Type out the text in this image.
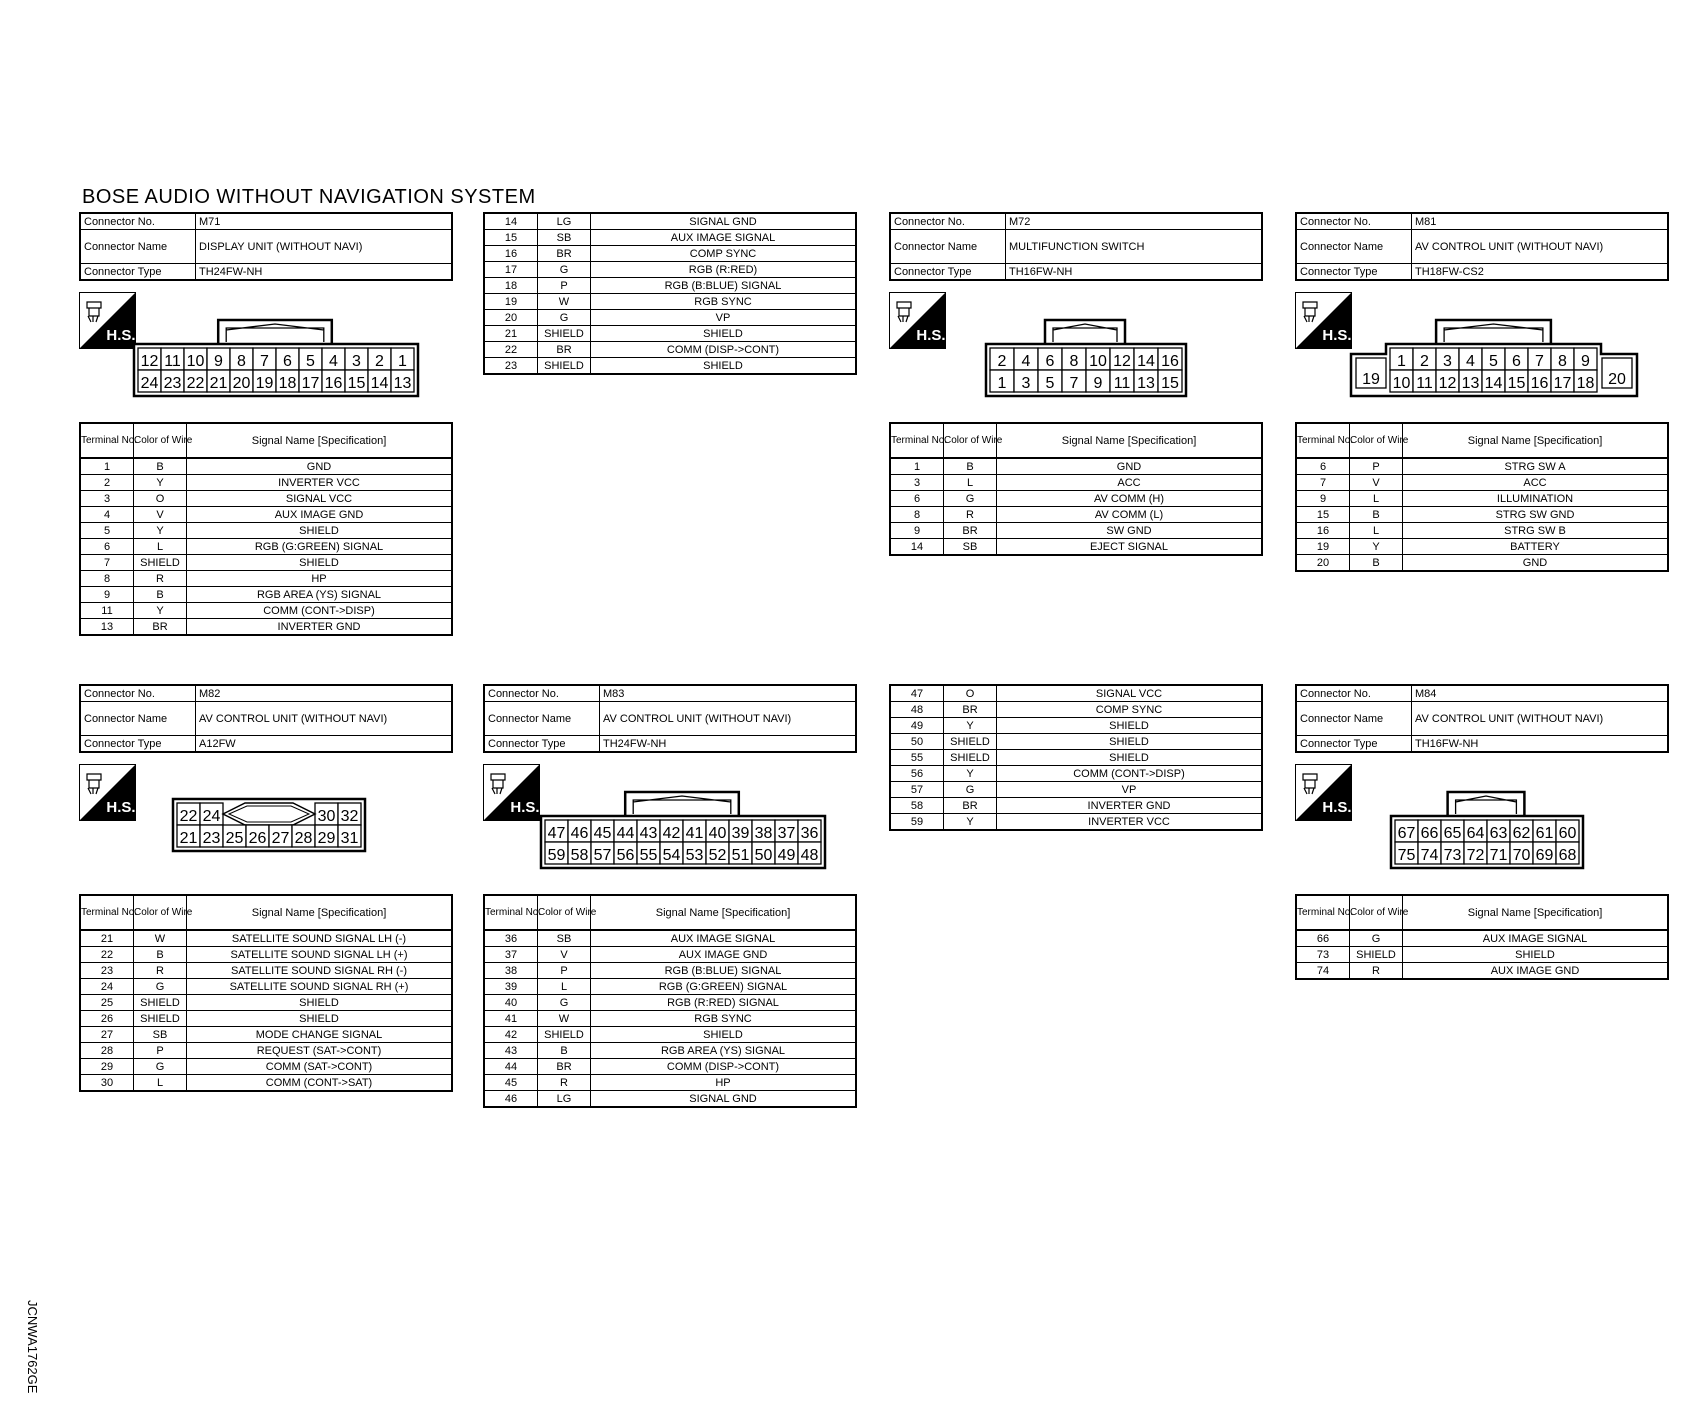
BOSE AUDIO WITHOUT NAVIGATION SYSTEM
JCNWA1762GE
Connector No.	M71
Connector Name	DISPLAY UNIT (WITHOUT NAVI)
Connector Type	TH24FW-NH
H.S.
12 11 10 9 8 7 6 5 4 3 2 1
24 23 22 21 20 19 18 17 16 15 14 13
Terminal No.	Color of Wire	Signal Name [Specification]
1	B	GND
2	Y	INVERTER VCC
3	O	SIGNAL VCC
4	V	AUX IMAGE GND
5	Y	SHIELD
6	L	RGB (G:GREEN) SIGNAL
7	SHIELD	SHIELD
8	R	HP
9	B	RGB AREA (YS) SIGNAL
11	Y	COMM (CONT->DISP)
13	BR	INVERTER GND
14	LG	SIGNAL GND
15	SB	AUX IMAGE SIGNAL
16	BR	COMP SYNC
17	G	RGB (R:RED)
18	P	RGB (B:BLUE) SIGNAL
19	W	RGB SYNC
20	G	VP
21	SHIELD	SHIELD
22	BR	COMM (DISP->CONT)
23	SHIELD	SHIELD
Connector No.	M72
Connector Name	MULTIFUNCTION SWITCH
Connector Type	TH16FW-NH
H.S.
2 4 6 8 10 12 14 16
1 3 5 7 9 11 13 15
Terminal No.	Color of Wire	Signal Name [Specification]
1	B	GND
3	L	ACC
6	G	AV COMM (H)
8	R	AV COMM (L)
9	BR	SW GND
14	SB	EJECT SIGNAL
Connector No.	M81
Connector Name	AV CONTROL UNIT (WITHOUT NAVI)
Connector Type	TH18FW-CS2
H.S.
1 2 3 4 5 6 7 8 9
10 11 12 13 14 15 16 17 18
19	20
Terminal No.	Color of Wire	Signal Name [Specification]
6	P	STRG SW A
7	V	ACC
9	L	ILLUMINATION
15	B	STRG SW GND
16	L	STRG SW B
19	Y	BATTERY
20	B	GND
Connector No.	M82
Connector Name	AV CONTROL UNIT (WITHOUT NAVI)
Connector Type	A12FW
H.S.
22 24	30 32
21 23 25 26 27 28 29 31
Terminal No.	Color of Wire	Signal Name [Specification]
21	W	SATELLITE SOUND SIGNAL LH (-)
22	B	SATELLITE SOUND SIGNAL LH (+)
23	R	SATELLITE SOUND SIGNAL RH (-)
24	G	SATELLITE SOUND SIGNAL RH (+)
25	SHIELD	SHIELD
26	SHIELD	SHIELD
27	SB	MODE CHANGE SIGNAL
28	P	REQUEST (SAT->CONT)
29	G	COMM (SAT->CONT)
30	L	COMM (CONT->SAT)
Connector No.	M83
Connector Name	AV CONTROL UNIT (WITHOUT NAVI)
Connector Type	TH24FW-NH
H.S.
47 46 45 44 43 42 41 40 39 38 37 36
59 58 57 56 55 54 53 52 51 50 49 48
Terminal No.	Color of Wire	Signal Name [Specification]
36	SB	AUX IMAGE SIGNAL
37	V	AUX IMAGE GND
38	P	RGB (B:BLUE) SIGNAL
39	L	RGB (G:GREEN) SIGNAL
40	G	RGB (R:RED) SIGNAL
41	W	RGB SYNC
42	SHIELD	SHIELD
43	B	RGB AREA (YS) SIGNAL
44	BR	COMM (DISP->CONT)
45	R	HP
46	LG	SIGNAL GND
47	O	SIGNAL VCC
48	BR	COMP SYNC
49	Y	SHIELD
50	SHIELD	SHIELD
55	SHIELD	SHIELD
56	Y	COMM (CONT->DISP)
57	G	VP
58	BR	INVERTER GND
59	Y	INVERTER VCC
Connector No.	M84
Connector Name	AV CONTROL UNIT (WITHOUT NAVI)
Connector Type	TH16FW-NH
H.S.
67 66 65 64 63 62 61 60
75 74 73 72 71 70 69 68
Terminal No.	Color of Wire	Signal Name [Specification]
66	G	AUX IMAGE SIGNAL
73	SHIELD	SHIELD
74	R	AUX IMAGE GND
